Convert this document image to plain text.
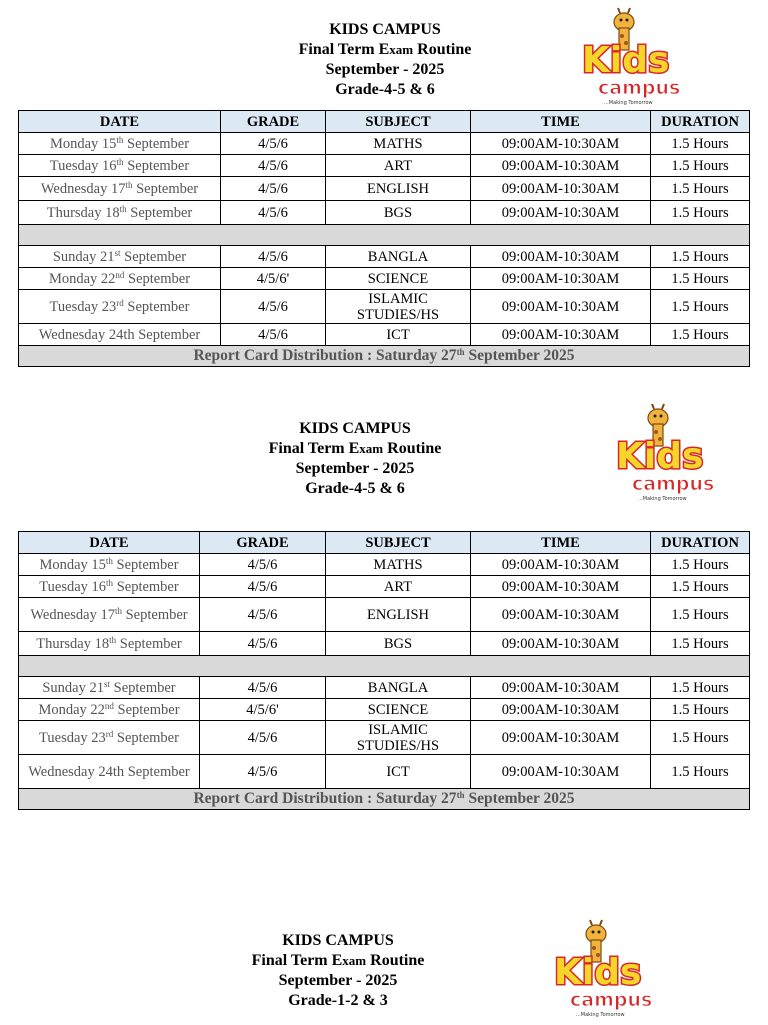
KIDS CAMPUS
Final Term Exam Routine
September - 2025
Grade-4-5 & 6
Kids
campus
...Making Tomorrow
DATE	GRADE	SUBJECT	TIME	DURATION
Monday 15th September	4/5/6	MATHS	09:00AM-10:30AM	1.5 Hours
Tuesday 16th September	4/5/6	ART	09:00AM-10:30AM	1.5 Hours
Wednesday 17th September	4/5/6	ENGLISH	09:00AM-10:30AM	1.5 Hours
Thursday 18th September	4/5/6	BGS	09:00AM-10:30AM	1.5 Hours

Sunday 21st September	4/5/6	BANGLA	09:00AM-10:30AM	1.5 Hours
Monday 22nd September	4/5/6'	SCIENCE	09:00AM-10:30AM	1.5 Hours
Tuesday 23rd September	4/5/6	ISLAMIC STUDIES/HS	09:00AM-10:30AM	1.5 Hours
Wednesday 24th September	4/5/6	ICT	09:00AM-10:30AM	1.5 Hours
Report Card Distribution : Saturday 27th September 2025				
KIDS CAMPUS
Final Term Exam Routine
September - 2025
Grade-4-5 & 6
Kids
campus
...Making Tomorrow
DATE	GRADE	SUBJECT	TIME	DURATION
Monday 15th September	4/5/6	MATHS	09:00AM-10:30AM	1.5 Hours
Tuesday 16th September	4/5/6	ART	09:00AM-10:30AM	1.5 Hours
Wednesday 17th September	4/5/6	ENGLISH	09:00AM-10:30AM	1.5 Hours
Thursday 18th September	4/5/6	BGS	09:00AM-10:30AM	1.5 Hours

Sunday 21st September	4/5/6	BANGLA	09:00AM-10:30AM	1.5 Hours
Monday 22nd September	4/5/6'	SCIENCE	09:00AM-10:30AM	1.5 Hours
Tuesday 23rd September	4/5/6	ISLAMIC STUDIES/HS	09:00AM-10:30AM	1.5 Hours
Wednesday 24th September	4/5/6	ICT	09:00AM-10:30AM	1.5 Hours
Report Card Distribution : Saturday 27th September 2025				
KIDS CAMPUS
Final Term Exam Routine
September - 2025
Grade-1-2 & 3
Kids
campus
...Making Tomorrow
